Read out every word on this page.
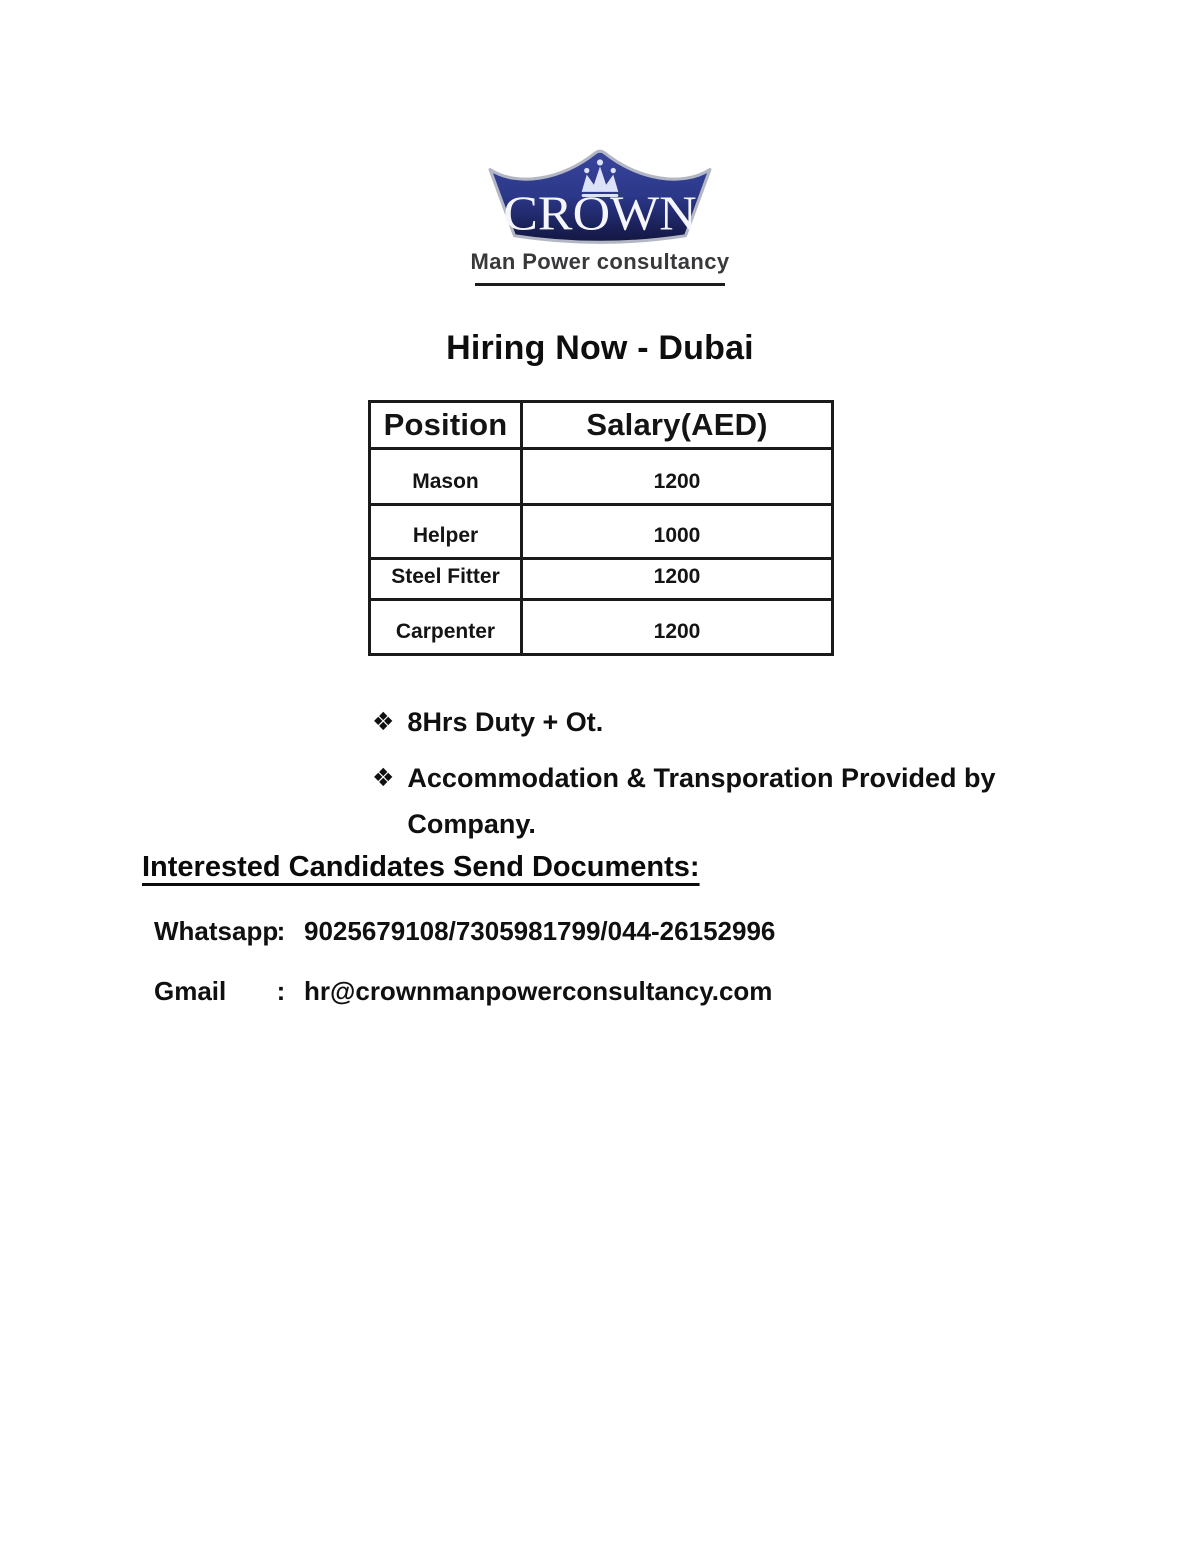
CROWN
Man Power consultancy
Hiring Now - Dubai
Position	Salary(AED)
Mason	1200
Helper	1000
Steel Fitter	1200
Carpenter	1200
❖ 8Hrs Duty + Ot.
❖ Accommodation & Transporation Provided by Company.
Interested Candidates Send Documents:
Whatsapp
: 9025679108/7305981799/044-26152996
Gmail	: hr@crownmanpowerconsultancy.com
